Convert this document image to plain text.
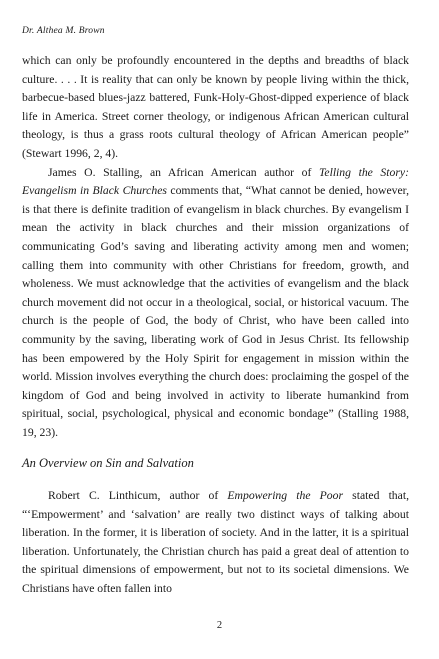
Dr. Althea M. Brown

which can only be profoundly encountered in the depths and breadths of black culture. . . . It is reality that can only be known by people living within the thick, barbecue-based blues-jazz battered, Funk-Holy-Ghost-dipped experience of black life in America. Street corner theology, or indigenous African American cultural theology, is thus a grass roots cultural theology of African American people” (Stewart 1996, 2, 4).

James O. Stalling, an African American author of Telling the Story: Evangelism in Black Churches comments that, “What cannot be denied, however, is that there is definite tradition of evangelism in black churches. By evangelism I mean the activity in black churches and their mission organizations of communicating God’s saving and liberating activity among men and women; calling them into community with other Christians for freedom, growth, and wholeness. We must acknowledge that the activities of evangelism and the black church movement did not occur in a theological, social, or historical vacuum. The church is the people of God, the body of Christ, who have been called into community by the saving, liberating work of God in Jesus Christ. Its fellowship has been empowered by the Holy Spirit for engagement in mission within the world. Mission involves everything the church does: proclaiming the gospel of the kingdom of God and being involved in activity to liberate humankind from spiritual, social, psychological, physical and economic bondage” (Stalling 1988, 19, 23).

An Overview on Sin and Salvation

Robert C. Linthicum, author of Empowering the Poor stated that, “‘Empowerment’ and ‘salvation’ are really two distinct ways of talking about liberation. In the former, it is liberation of society. And in the latter, it is a spiritual liberation. Unfortunately, the Christian church has paid a great deal of attention to the spiritual dimensions of empowerment, but not to its societal dimensions. We Christians have often fallen into

2
